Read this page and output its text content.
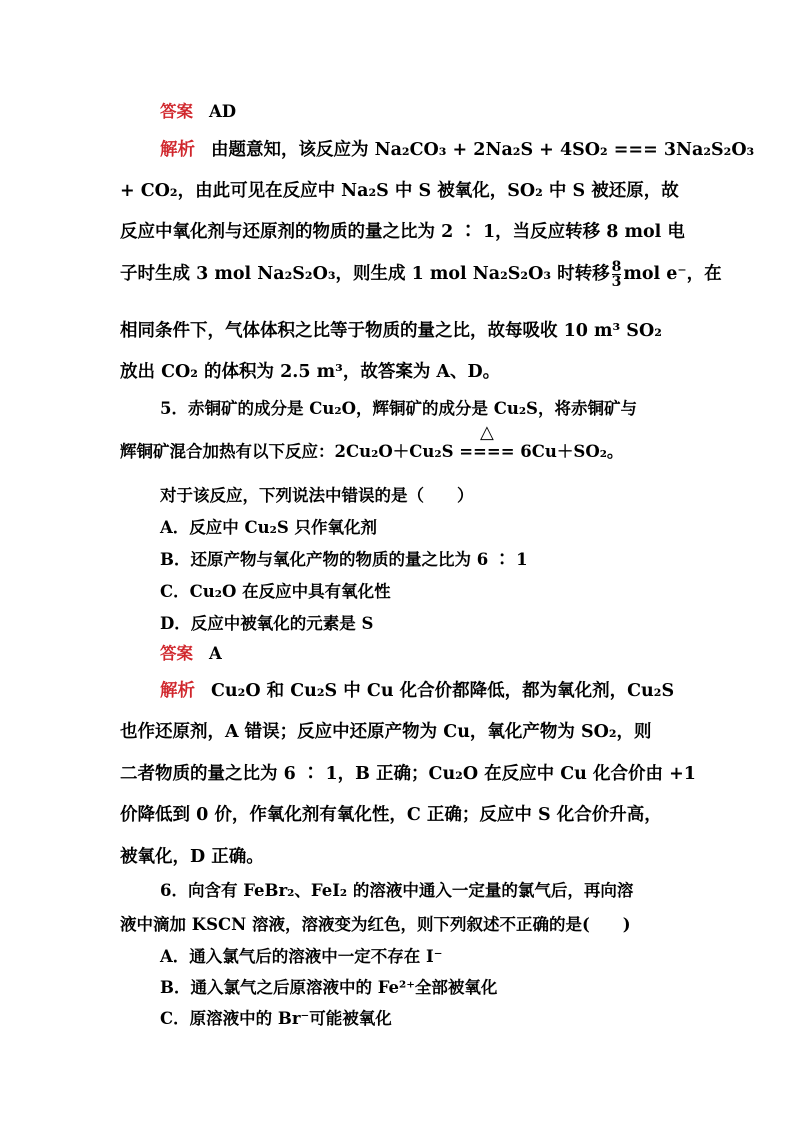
答案 AD
解析 由题意知，该反应为 Na₂CO₃ + 2Na₂S + 4SO₂ === 3Na₂S₂O₃
+ CO₂，由此可见在反应中 Na₂S 中 S 被氧化，SO₂ 中 S 被还原，故
反应中氧化剂与还原剂的物质的量之比为 2 ∶ 1，当反应转移 8 mol 电
子时生成 3 mol Na₂S₂O₃，则生成 1 mol Na₂S₂O₃ 时转移 $\frac{8}{3}$ mol e⁻，在
相同条件下，气体体积之比等于物质的量之比，故每吸收 10 m³ SO₂
放出 CO₂ 的体积为 2.5 m³，故答案为 A、D。
5．赤铜矿的成分是 Cu₂O，辉铜矿的成分是 Cu₂S，将赤铜矿与
辉铜矿混合加热有以下反应：2Cu₂O＋Cu₂S
△
==== 6Cu＋SO₂。
对于该反应，下列说法中错误的是（　　）
A．反应中 Cu₂S 只作氧化剂
B．还原产物与氧化产物的物质的量之比为 6 ∶ 1
C．Cu₂O 在反应中具有氧化性
D．反应中被氧化的元素是 S
答案 A
解析 Cu₂O 和 Cu₂S 中 Cu 化合价都降低，都为氧化剂，Cu₂S
也作还原剂，A 错误；反应中还原产物为 Cu，氧化产物为 SO₂，则
二者物质的量之比为 6 ∶ 1，B 正确；Cu₂O 在反应中 Cu 化合价由 +1
价降低到 0 价，作氧化剂有氧化性，C 正确；反应中 S 化合价升高，
被氧化，D 正确。
6．向含有 FeBr₂、FeI₂ 的溶液中通入一定量的氯气后，再向溶
液中滴加 KSCN 溶液，溶液变为红色，则下列叙述不正确的是(　　)
A．通入氯气后的溶液中一定不存在 I⁻
B．通入氯气之后原溶液中的 Fe²⁺全部被氧化
C．原溶液中的 Br⁻可能被氧化
